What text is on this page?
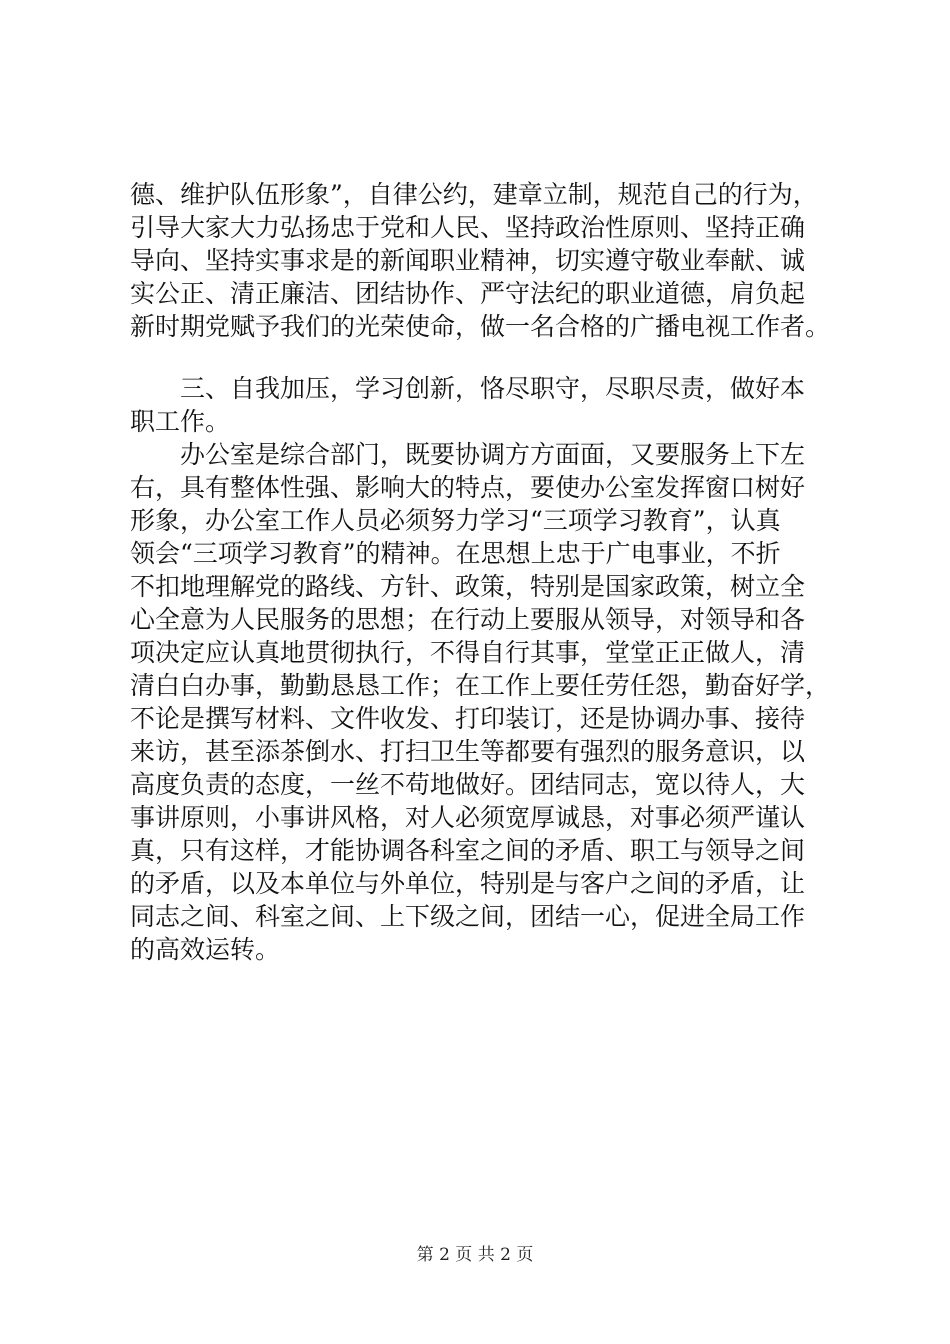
德、维护队伍形象”，自律公约，建章立制，规范自己的行为，
引导大家大力弘扬忠于党和人民、坚持政治性原则、坚持正确
导向、坚持实事求是的新闻职业精神，切实遵守敬业奉献、诚
实公正、清正廉洁、团结协作、严守法纪的职业道德，肩负起
新时期党赋予我们的光荣使命，做一名合格的广播电视工作者。
　　三、自我加压，学习创新，恪尽职守，尽职尽责，做好本
职工作。
　　办公室是综合部门，既要协调方方面面，又要服务上下左
右，具有整体性强、影响大的特点，要使办公室发挥窗口树好
形象，办公室工作人员必须努力学习“三项学习教育”，认真
领会“三项学习教育”的精神。在思想上忠于广电事业，不折
不扣地理解党的路线、方针、政策，特别是国家政策，树立全
心全意为人民服务的思想；在行动上要服从领导，对领导和各
项决定应认真地贯彻执行，不得自行其事，堂堂正正做人，清
清白白办事，勤勤恳恳工作；在工作上要任劳任怨，勤奋好学，
不论是撰写材料、文件收发、打印装订，还是协调办事、接待
来访，甚至添茶倒水、打扫卫生等都要有强烈的服务意识，以
高度负责的态度，一丝不苟地做好。团结同志，宽以待人，大
事讲原则，小事讲风格，对人必须宽厚诚恳，对事必须严谨认
真，只有这样，才能协调各科室之间的矛盾、职工与领导之间
的矛盾，以及本单位与外单位，特别是与客户之间的矛盾，让
同志之间、科室之间、上下级之间，团结一心，促进全局工作
的高效运转。
第 2 页 共 2 页
